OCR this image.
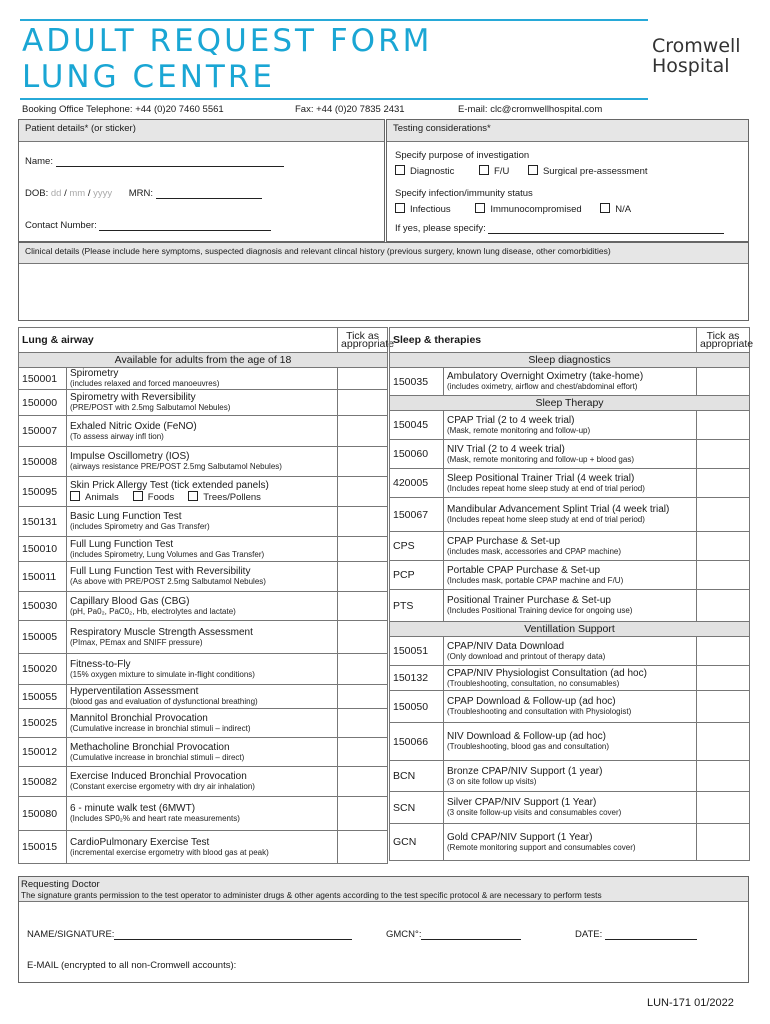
ADULT REQUEST FORM
LUNG CENTRE
Cromwell
Hospital
Booking Office Telephone: +44 (0)20 7460 5561	Fax: +44 (0)20 7835 2431	E-mail: clc@cromwellhospital.com
Patient details* (or sticker)
Name:
DOB: dd / mm / yyyy MRN:
Contact Number:
Testing considerations*
Specify purpose of investigation
Diagnostic	F/U	Surgical pre-assessment
Specify infection/immunity status
Infectious	Immunocompromised	N/A
If yes, please specify:
Clinical details (Please include here symptoms, suspected diagnosis and relevant clincal history (previous surgery, known lung disease, other comorbidities)
Lung & airway		Tick as appropriate
Available for adults from the age of 18		
150001	Spirometry
(includes relaxed and forced manoeuvres)	

150000	Spirometry with Reversibility
(PRE/POST with 2.5mg Salbutamol Nebules)	

150007	Exhaled Nitric Oxide (FeNO)
(To assess airway infl tion)	

150008	Impulse Oscillometry (IOS)
(airways resistance PRE/POST 2.5mg Salbutamol Nebules)	

150095	Skin Prick Allergy Test (tick extended panels)
Animals Foods Trees/Pollens	

150131	Basic Lung Function Test
(includes Spirometry and Gas Transfer)	

150010	Full Lung Function Test
(includes Spirometry, Lung Volumes and Gas Transfer)	

150011	Full Lung Function Test with Reversibility
(As above with PRE/POST 2.5mg Salbutamol Nebules)	

150030	Capillary Blood Gas (CBG)
(pH, Pa0₂, PaC0₂, Hb, electrolytes and lactate)	

150005	Respiratory Muscle Strength Assessment
(PImax, PEmax and SNIFF pressure)	

150020	Fitness-to-Fly
(15% oxygen mixture to simulate in-flight conditions)	

150055	Hyperventilation Assessment
(blood gas and evaluation of dysfunctional breathing)	

150025	Mannitol Bronchial Provocation
(Cumulative increase in bronchial stimuli – indirect)	

150012	Methacholine Bronchial Provocation
(Cumulative increase in bronchial stimuli – direct)	

150082	Exercise Induced Bronchial Provocation
(Constant exercise ergometry with dry air inhalation)	

150080	6 - minute walk test (6MWT)
(Includes SP0₂% and heart rate measurements)	

150015	CardioPulmonary Exercise Test
(incremental exercise ergometry with blood gas at peak)	

Sleep & therapies		Tick as appropriate
Sleep diagnostics		
150035	Ambulatory Overnight Oximetry (take-home)
(includes oximetry, airflow and chest/abdominal effort)	

Sleep Therapy		
150045	CPAP Trial (2 to 4 week trial)
(Mask, remote monitoring and follow-up)	

150060	NIV Trial (2 to 4 week trial)
(Mask, remote monitoring and follow-up + blood gas)	

420005	Sleep Positional Trainer Trial (4 week trial)
(Includes repeat home sleep study at end of trial period)	

150067	Mandibular Advancement Splint Trial (4 week trial)
(Includes repeat home sleep study at end of trial period)	

CPS	CPAP Purchase & Set-up
(includes mask, accessories and CPAP machine)	

PCP	Portable CPAP Purchase & Set-up
(Includes mask, portable CPAP machine and F/U)	

PTS	Positional Trainer Purchase & Set-up
(Includes Positional Training device for ongoing use)	

Ventillation Support		
150051	CPAP/NIV Data Download
(Only download and printout of therapy data)	

150132	CPAP/NIV Physiologist Consultation (ad hoc)
(Troubleshooting, consultation, no consumables)	

150050	CPAP Download & Follow-up (ad hoc)
(Troubleshooting and consultation with Physiologist)	

150066	NIV Download & Follow-up (ad hoc)
(Troubleshooting, blood gas and consultation)	

BCN	Bronze CPAP/NIV Support (1 year)
(3 on site follow up visits)	

SCN	Silver CPAP/NIV Support (1 Year)
(3 onsite follow-up visits and consumables cover)	

GCN	Gold CPAP/NIV Support (1 Year)
(Remote monitoring support and consumables cover)	

Requesting Doctor
The signature grants permission to the test operator to administer drugs & other agents according to the test specific protocol & are necessary to perform tests
NAME/SIGNATURE:	GMCN°:	DATE:
E-MAIL (encrypted to all non-Cromwell accounts):
LUN-171 01/2022
